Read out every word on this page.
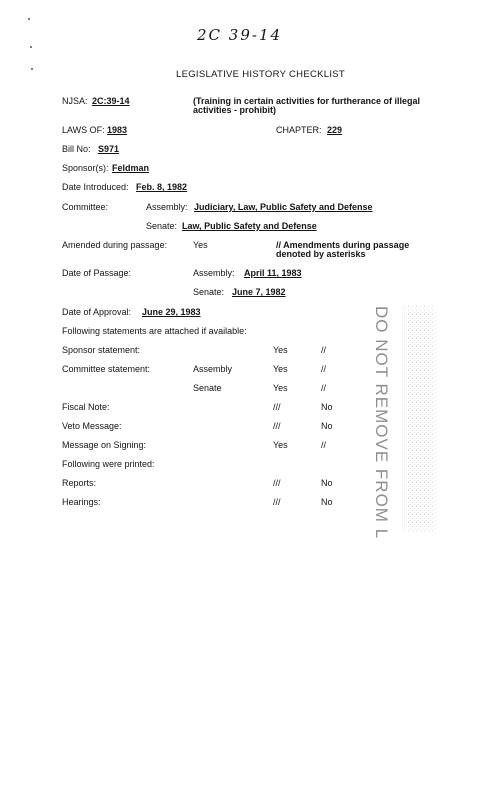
2C 39-14
LEGISLATIVE HISTORY CHECKLIST
NJSA: 2C:39-14	(Training in certain activities for furtherance of illegal
activities - prohibit)
LAWS OF: 1983	CHAPTER: 229
Bill No: S971
Sponsor(s): Feldman
Date Introduced: Feb. 8, 1982
Committee:	Assembly: Judiciary, Law, Public Safety and Defense
Senate: Law, Public Safety and Defense
Amended during passage:	Yes	// Amendments during passage
denoted by asterisks
Date of Passage:	Assembly: April 11, 1983
Senate: June 7, 1982
Date of Approval: June 29, 1983
Following statements are attached if available:
Sponsor statement:	Yes	//
Committee statement:	Assembly	Yes	//
Senate	Yes	//
Fiscal Note:	///	No
Veto Message:	///	No
Message on Signing:	Yes	//
Following were printed:
Reports:	///	No
Hearings:	///	No DO NOT REMOVE FROM LIBRARY
